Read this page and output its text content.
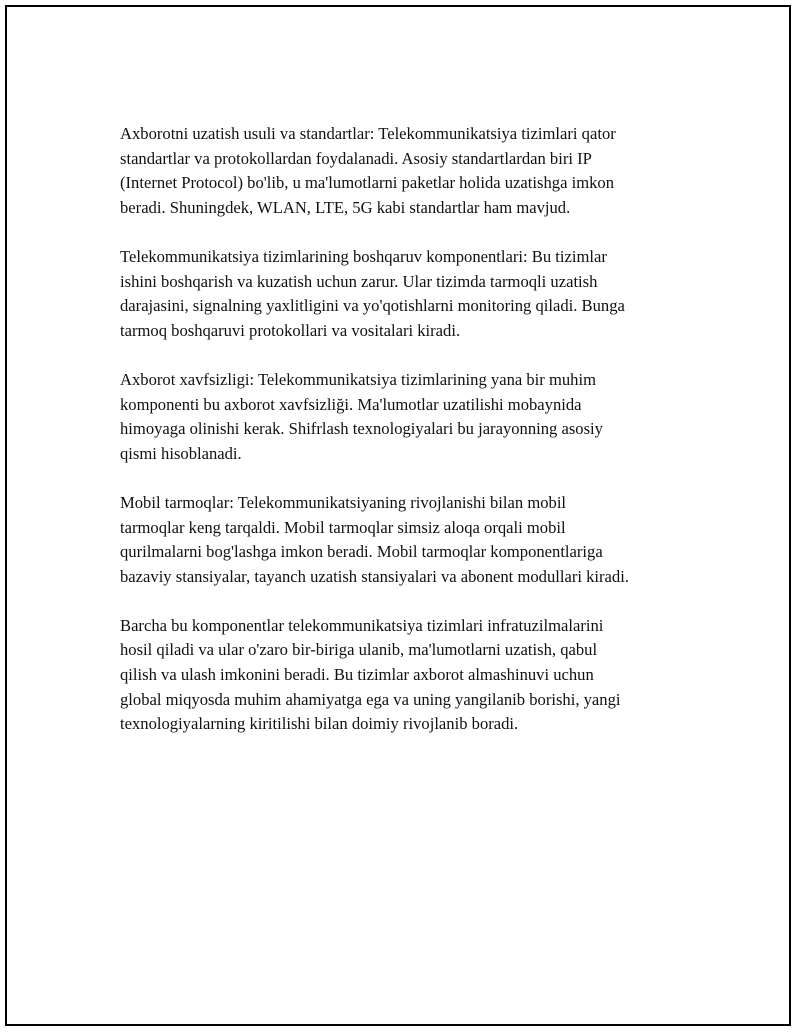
Axborotni uzatish usuli va standartlar: Telekommunikatsiya tizimlari qator
standartlar va protokollardan foydalanadi. Asosiy standartlardan biri IP
(Internet Protocol) bo'lib, u ma'lumotlarni paketlar holida uzatishga imkon
beradi. Shuningdek, WLAN, LTE, 5G kabi standartlar ham mavjud.

Telekommunikatsiya tizimlarining boshqaruv komponentlari: Bu tizimlar
ishini boshqarish va kuzatish uchun zarur. Ular tizimda tarmoqli uzatish
darajasini, signalning yaxlitligini va yo'qotishlarni monitoring qiladi. Bunga
tarmoq boshqaruvi protokollari va vositalari kiradi.

Axborot xavfsizligi: Telekommunikatsiya tizimlarining yana bir muhim
komponenti bu axborot xavfsizliği. Ma'lumotlar uzatilishi mobaynida
himoyaga olinishi kerak. Shifrlash texnologiyalari bu jarayonning asosiy
qismi hisoblanadi.

Mobil tarmoqlar: Telekommunikatsiyaning rivojlanishi bilan mobil
tarmoqlar keng tarqaldi. Mobil tarmoqlar simsiz aloqa orqali mobil
qurilmalarni bog'lashga imkon beradi. Mobil tarmoqlar komponentlariga
bazaviy stansiyalar, tayanch uzatish stansiyalari va abonent modullari kiradi.

Barcha bu komponentlar telekommunikatsiya tizimlari infratuzilmalarini
hosil qiladi va ular o'zaro bir-biriga ulanib, ma'lumotlarni uzatish, qabul
qilish va ulash imkonini beradi. Bu tizimlar axborot almashinuvi uchun
global miqyosda muhim ahamiyatga ega va uning yangilanib borishi, yangi
texnologiyalarning kiritilishi bilan doimiy rivojlanib boradi.
